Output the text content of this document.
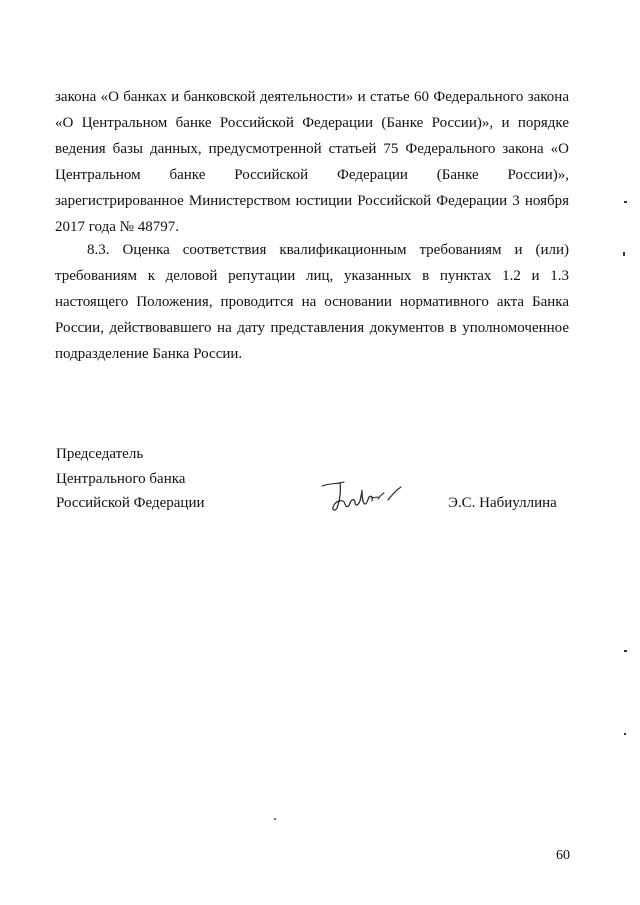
закона «О банках и банковской деятельности» и статье 60 Федерального закона
«О Центральном банке Российской Федерации (Банке России)», и порядке
ведения базы данных, предусмотренной статьей 75 Федерального закона «О
Центральном банке Российской Федерации (Банке России)»,
зарегистрированное Министерством юстиции Российской Федерации 3 ноября
2017 года № 48797.
8.3. Оценка соответствия квалификационным требованиям и (или)
требованиям к деловой репутации лиц, указанных в пунктах 1.2 и 1.3
настоящего Положения, проводится на основании нормативного акта Банка
России, действовавшего на дату представления документов в уполномоченное
подразделение Банка России.
Председатель
Центрального банка
Российской Федерации	Э.С. Набиуллина
60
